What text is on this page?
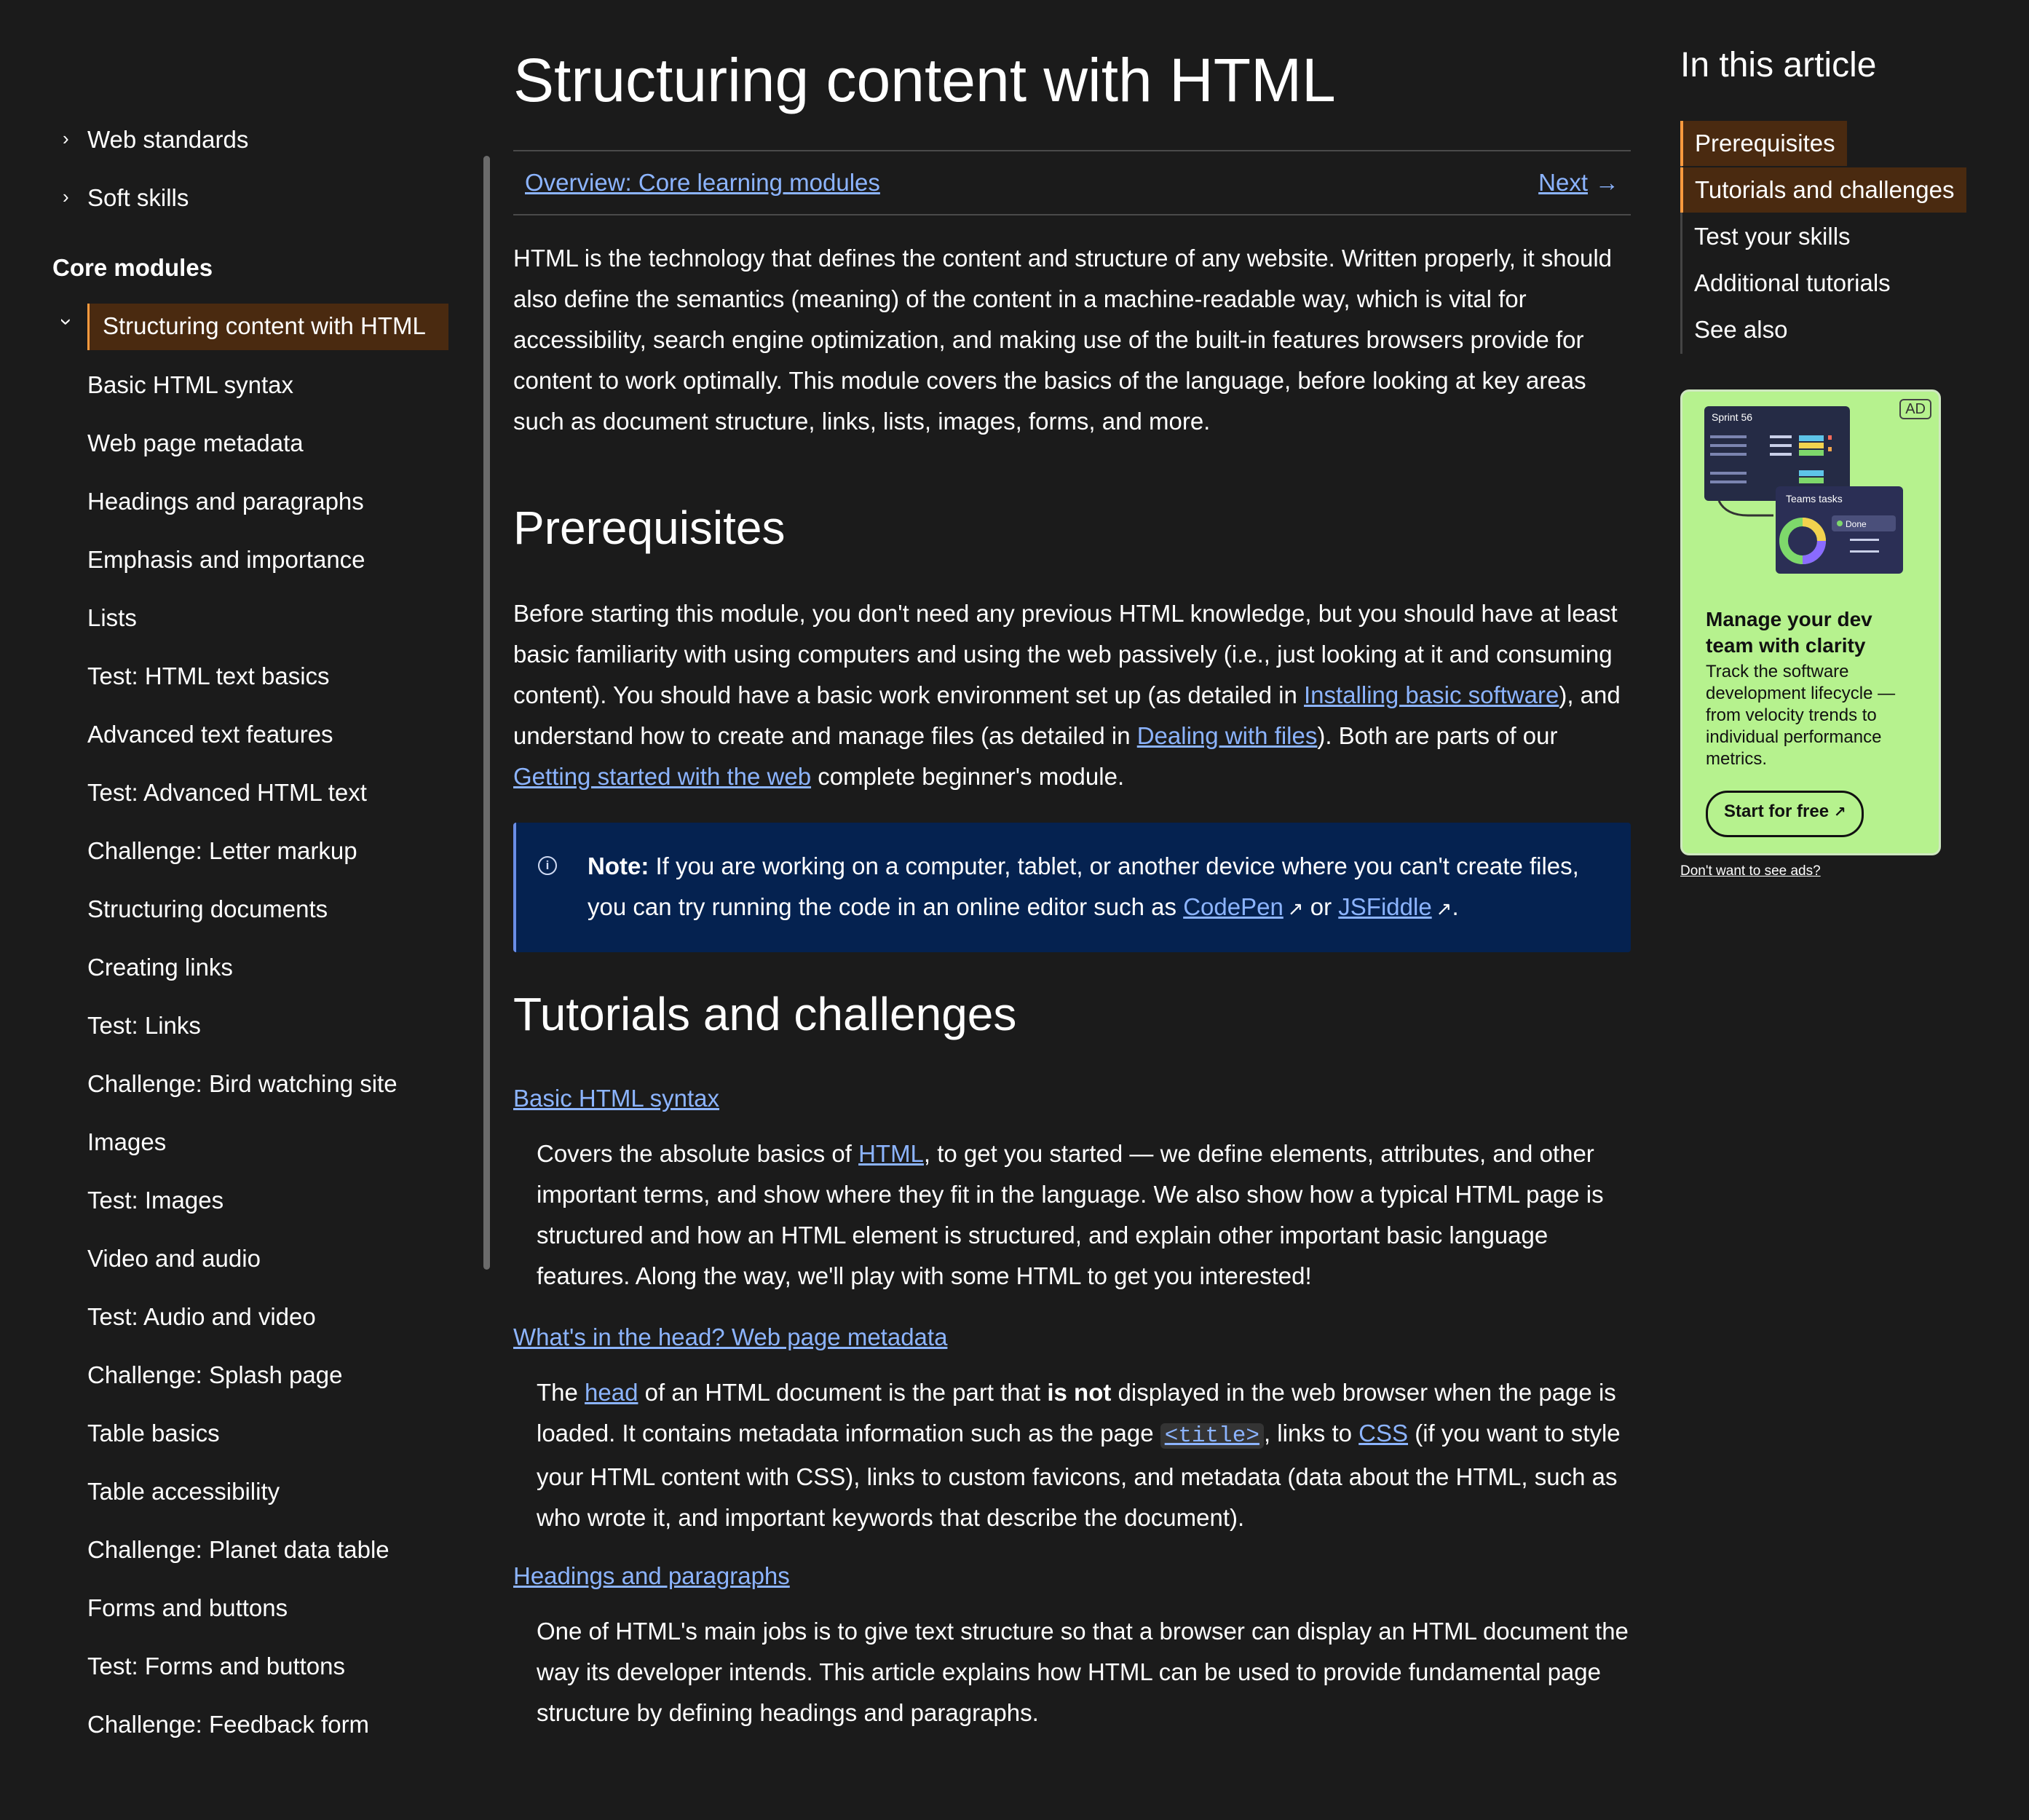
› Web standards
› Soft skills
Core modules
Structuring content with HTML
›
Basic HTML syntax
Web page metadata
Headings and paragraphs
Emphasis and importance
Lists
Test: HTML text basics
Advanced text features
Test: Advanced HTML text
Challenge: Letter markup
Structuring documents
Creating links
Test: Links
Challenge: Bird watching site
Images
Test: Images
Video and audio
Test: Audio and video
Challenge: Splash page
Table basics
Table accessibility
Challenge: Planet data table
Forms and buttons
Test: Forms and buttons
Challenge: Feedback form
Structuring content with HTML
Overview: Core learning modules	Next →

HTML is the technology that defines the content and structure of any website. Written properly, it should also define the semantics (meaning) of the content in a machine-readable way, which is vital for accessibility, search engine optimization, and making use of the built-in features browsers provide for content to work optimally. This module covers the basics of the language, before looking at key areas such as document structure, links, lists, images, forms, and more.

Prerequisites

Before starting this module, you don't need any previous HTML knowledge, but you should have at least basic familiarity with using computers and using the web passively (i.e., just looking at it and consuming content). You should have a basic work environment set up (as detailed in Installing basic software), and understand how to create and manage files (as detailed in Dealing with files). Both are parts of our Getting started with the web complete beginner's module.

i	Note: If you are working on a computer, tablet, or another device where you can't create files, you can try running the code in an online editor such as CodePen ↗ or JSFiddle ↗.

Tutorials and challenges
Basic HTML syntax

Covers the absolute basics of HTML, to get you started — we define elements, attributes, and other important terms, and show where they fit in the language. We also show how a typical HTML page is structured and how an HTML element is structured, and explain other important basic language features. Along the way, we'll play with some HTML to get you interested!

What's in the head? Web page metadata

The head of an HTML document is the part that is not displayed in the web browser when the page is loaded. It contains metadata information such as the page <title> , links to CSS (if you want to style your HTML content with CSS), links to custom favicons, and metadata (data about the HTML, such as who wrote it, and important keywords that describe the document).

Headings and paragraphs

One of HTML's main jobs is to give text structure so that a browser can display an HTML document the way its developer intends. This article explains how HTML can be used to provide fundamental page structure by defining headings and paragraphs.

In this article
Prerequisites
Tutorials and challenges
Test your skills
Additional tutorials
See also
AD
Sprint 56
Teams tasks
Done
Manage your dev team with clarity
Track the software development lifecycle — from velocity trends to individual performance metrics.
Start for free ↗
Don't want to see ads?
